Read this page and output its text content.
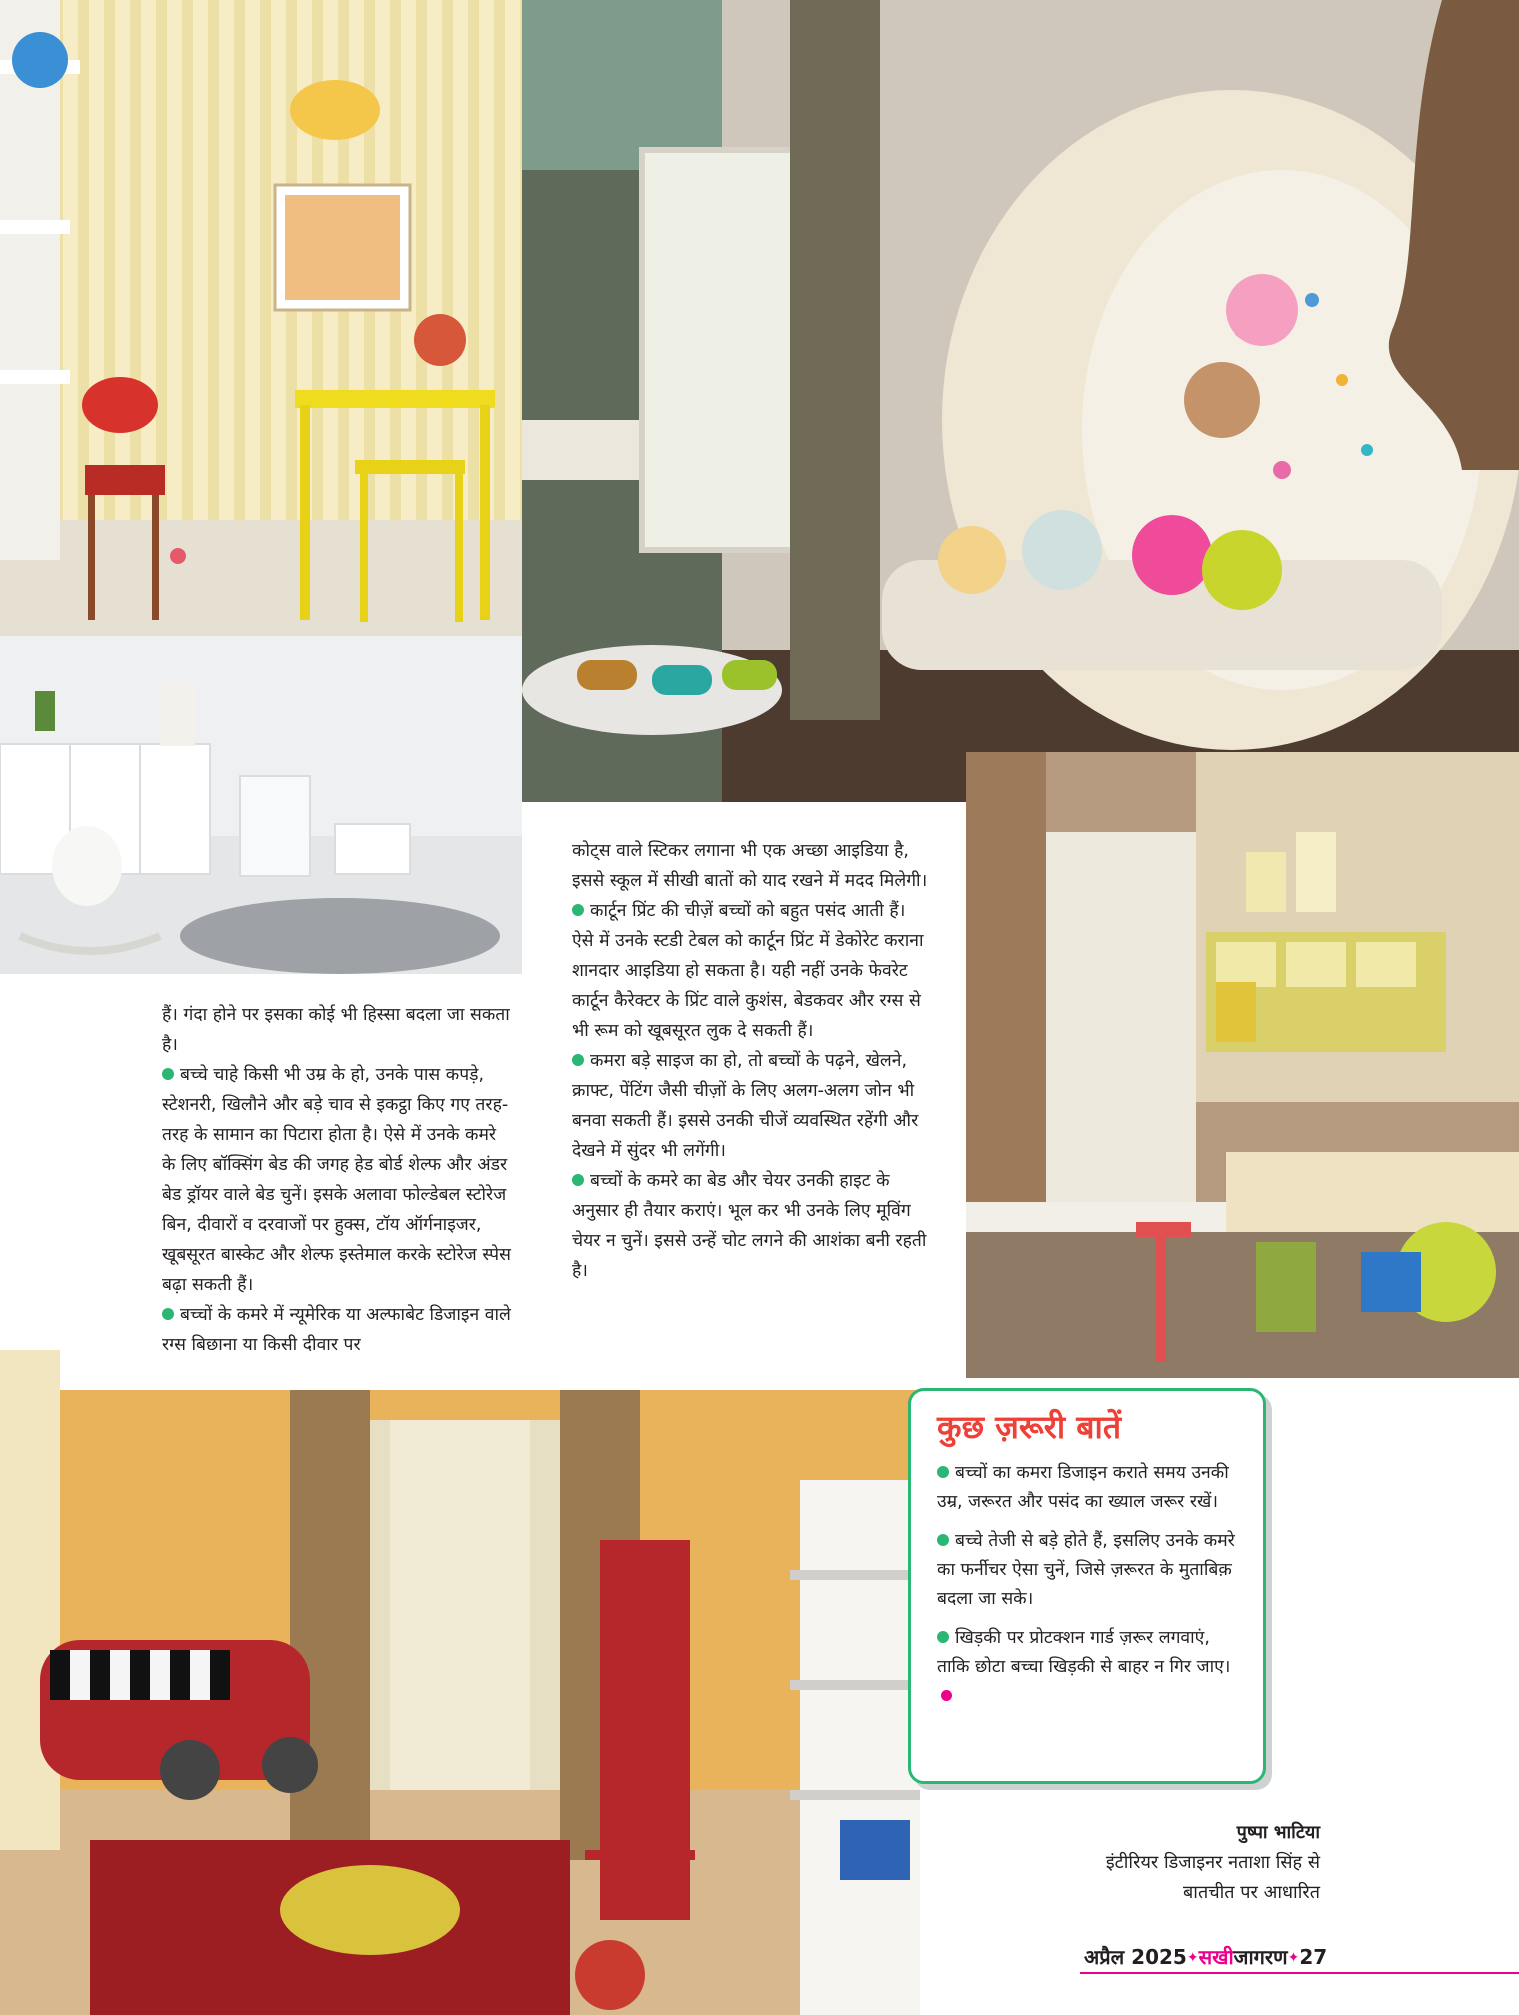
हैं। गंदा होने पर इसका कोई भी हिस्सा बदला जा सकता है।

बच्चे चाहे किसी भी उम्र के हो, उनके पास कपड़े, स्टेशनरी, खिलौने और बड़े चाव से इकट्ठा किए गए तरह-तरह के सामान का पिटारा होता है। ऐसे में उनके कमरे के लिए बॉक्सिंग बेड की जगह हेड बोर्ड शेल्फ और अंडर बेड ड्रॉयर वाले बेड चुनें। इसके अलावा फोल्डेबल स्टोरेज बिन, दीवारों व दरवाजों पर हुक्स, टॉय ऑर्गनाइजर, खूबसूरत बास्केट और शेल्फ इस्तेमाल करके स्टोरेज स्पेस बढ़ा सकती हैं।

बच्चों के कमरे में न्यूमेरिक या अल्फाबेट डिजाइन वाले रग्स बिछाना या किसी दीवार पर

कोट्स वाले स्टिकर लगाना भी एक अच्छा आइडिया है, इससे स्कूल में सीखी बातों को याद रखने में मदद मिलेगी।

कार्टून प्रिंट की चीज़ें बच्चों को बहुत पसंद आती हैं। ऐसे में उनके स्टडी टेबल को कार्टून प्रिंट में डेकोरेट कराना शानदार आइडिया हो सकता है। यही नहीं उनके फेवरेट कार्टून कैरेक्टर के प्रिंट वाले कुशंस, बेडकवर और रग्स से भी रूम को खूबसूरत लुक दे सकती हैं।

कमरा बड़े साइज का हो, तो बच्चों के पढ़ने, खेलने, क्राफ्ट, पेंटिंग जैसी चीज़ों के लिए अलग-अलग जोन भी बनवा सकती हैं। इससे उनकी चीजें व्यवस्थित रहेंगी और देखने में सुंदर भी लगेंगी।

बच्चों के कमरे का बेड और चेयर उनकी हाइट के अनुसार ही तैयार कराएं। भूल कर भी उनके लिए मूविंग चेयर न चुनें। इससे उन्हें चोट लगने की आशंका बनी रहती है।

कुछ ज़रूरी बातें

बच्चों का कमरा डिजाइन कराते समय उनकी उम्र, जरूरत और पसंद का ख्याल जरूर रखें।

बच्चे तेजी से बड़े होते हैं, इसलिए उनके कमरे का फर्नीचर ऐसा चुनें, जिसे ज़रूरत के मुताबिक़ बदला जा सके।

खिड़की पर प्रोटक्शन गार्ड ज़रूर लगवाएं, ताकि छोटा बच्चा खिड़की से बाहर न गिर जाए।

पुष्पा भाटिया
इंटीरियर डिजाइनर नताशा सिंह से
बातचीत पर आधारित
अप्रैल 2025✦सखीजागरण✦27
